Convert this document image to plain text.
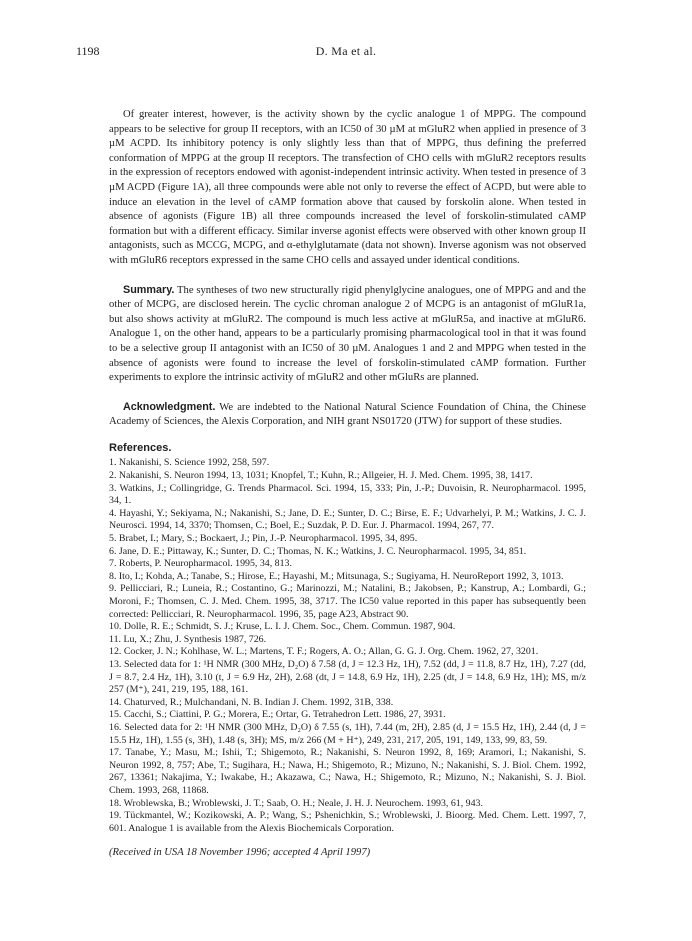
1198	D. Ma et al.

Of greater interest, however, is the activity shown by the cyclic analogue 1 of MPPG. The compound appears to be selective for group II receptors, with an IC50 of 30 µM at mGluR2 when applied in presence of 3 µM ACPD. Its inhibitory potency is only slightly less than that of MPPG, thus defining the preferred conformation of MPPG at the group II receptors. The transfection of CHO cells with mGluR2 receptors results in the expression of receptors endowed with agonist-independent intrinsic activity. When tested in presence of 3 µM ACPD (Figure 1A), all three compounds were able not only to reverse the effect of ACPD, but were able to induce an elevation in the level of cAMP formation above that caused by forskolin alone. When tested in absence of agonists (Figure 1B) all three compounds increased the level of forskolin-stimulated cAMP formation but with a different efficacy. Similar inverse agonist effects were observed with other known group II antagonists, such as MCCG, MCPG, and α-ethylglutamate (data not shown). Inverse agonism was not observed with mGluR6 receptors expressed in the same CHO cells and assayed under identical conditions.

Summary. The syntheses of two new structurally rigid phenylglycine analogues, one of MPPG and and the other of MCPG, are disclosed herein. The cyclic chroman analogue 2 of MCPG is an antagonist of mGluR1a, but also shows activity at mGluR2. The compound is much less active at mGluR5a, and inactive at mGluR6. Analogue 1, on the other hand, appears to be a particularly promising pharmacological tool in that it was found to be a selective group II antagonist with an IC50 of 30 µM. Analogues 1 and 2 and MPPG when tested in the absence of agonists were found to increase the level of forskolin-stimulated cAMP formation. Further experiments to explore the intrinsic activity of mGluR2 and other mGluRs are planned.

Acknowledgment. We are indebted to the National Natural Science Foundation of China, the Chinese Academy of Sciences, the Alexis Corporation, and NIH grant NS01720 (JTW) for support of these studies.

References.

1. Nakanishi, S. Science 1992, 258, 597.

2. Nakanishi, S. Neuron 1994, 13, 1031; Knopfel, T.; Kuhn, R.; Allgeier, H. J. Med. Chem. 1995, 38, 1417.

3. Watkins, J.; Collingridge, G. Trends Pharmacol. Sci. 1994, 15, 333; Pin, J.-P.; Duvoisin, R. Neuropharmacol. 1995, 34, 1.

4. Hayashi, Y.; Sekiyama, N.; Nakanishi, S.; Jane, D. E.; Sunter, D. C.; Birse, E. F.; Udvarhelyi, P. M.; Watkins, J. C. J. Neurosci. 1994, 14, 3370; Thomsen, C.; Boel, E.; Suzdak, P. D. Eur. J. Pharmacol. 1994, 267, 77.

5. Brabet, I.; Mary, S.; Bockaert, J.; Pin, J.-P. Neuropharmacol. 1995, 34, 895.

6. Jane, D. E.; Pittaway, K.; Sunter, D. C.; Thomas, N. K.; Watkins, J. C. Neuropharmacol. 1995, 34, 851.

7. Roberts, P. Neuropharmacol. 1995, 34, 813.

8. Ito, I.; Kohda, A.; Tanabe, S.; Hirose, E.; Hayashi, M.; Mitsunaga, S.; Sugiyama, H. NeuroReport 1992, 3, 1013.

9. Pellicciari, R.; Luneia, R.; Costantino, G.; Marinozzi, M.; Natalini, B.; Jakobsen, P.; Kanstrup, A.; Lombardi, G.; Moroni, F.; Thomsen, C. J. Med. Chem. 1995, 38, 3717. The IC50 value reported in this paper has subsequently been corrected: Pellicciari, R. Neuropharmacol. 1996, 35, page A23, Abstract 90.

10. Dolle, R. E.; Schmidt, S. J.; Kruse, L. I. J. Chem. Soc., Chem. Commun. 1987, 904.

11. Lu, X.; Zhu, J. Synthesis 1987, 726.

12. Cocker, J. N.; Kohlhase, W. L.; Martens, T. F.; Rogers, A. O.; Allan, G. G. J. Org. Chem. 1962, 27, 3201.

13. Selected data for 1: ¹H NMR (300 MHz, D₂O) δ 7.58 (d, J = 12.3 Hz, 1H), 7.52 (dd, J = 11.8, 8.7 Hz, 1H), 7.27 (dd, J = 8.7, 2.4 Hz, 1H), 3.10 (t, J = 6.9 Hz, 2H), 2.68 (dt, J = 14.8, 6.9 Hz, 1H), 2.25 (dt, J = 14.8, 6.9 Hz, 1H); MS, m/z 257 (M⁺), 241, 219, 195, 188, 161.

14. Chaturved, R.; Mulchandani, N. B. Indian J. Chem. 1992, 31B, 338.

15. Cacchi, S.; Ciattini, P. G.; Morera, E.; Ortar, G. Tetrahedron Lett. 1986, 27, 3931.

16. Selected data for 2: ¹H NMR (300 MHz, D₂O) δ 7.55 (s, 1H), 7.44 (m, 2H), 2.85 (d, J = 15.5 Hz, 1H), 2.44 (d, J = 15.5 Hz, 1H), 1.55 (s, 3H), 1.48 (s, 3H); MS, m/z 266 (M + H⁺), 249, 231, 217, 205, 191, 149, 133, 99, 83, 59.

17. Tanabe, Y.; Masu, M.; Ishii, T.; Shigemoto, R.; Nakanishi, S. Neuron 1992, 8, 169; Aramori, I.; Nakanishi, S. Neuron 1992, 8, 757; Abe, T.; Sugihara, H.; Nawa, H.; Shigemoto, R.; Mizuno, N.; Nakanishi, S. J. Biol. Chem. 1992, 267, 13361; Nakajima, Y.; Iwakabe, H.; Akazawa, C.; Nawa, H.; Shigemoto, R.; Mizuno, N.; Nakanishi, S. J. Biol. Chem. 1993, 268, 11868.

18. Wroblewska, B.; Wroblewski, J. T.; Saab, O. H.; Neale, J. H. J. Neurochem. 1993, 61, 943.

19. Tückmantel, W.; Kozikowski, A. P.; Wang, S.; Pshenichkin, S.; Wroblewski, J. Bioorg. Med. Chem. Lett. 1997, 7, 601. Analogue 1 is available from the Alexis Biochemicals Corporation.

(Received in USA 18 November 1996; accepted 4 April 1997)
